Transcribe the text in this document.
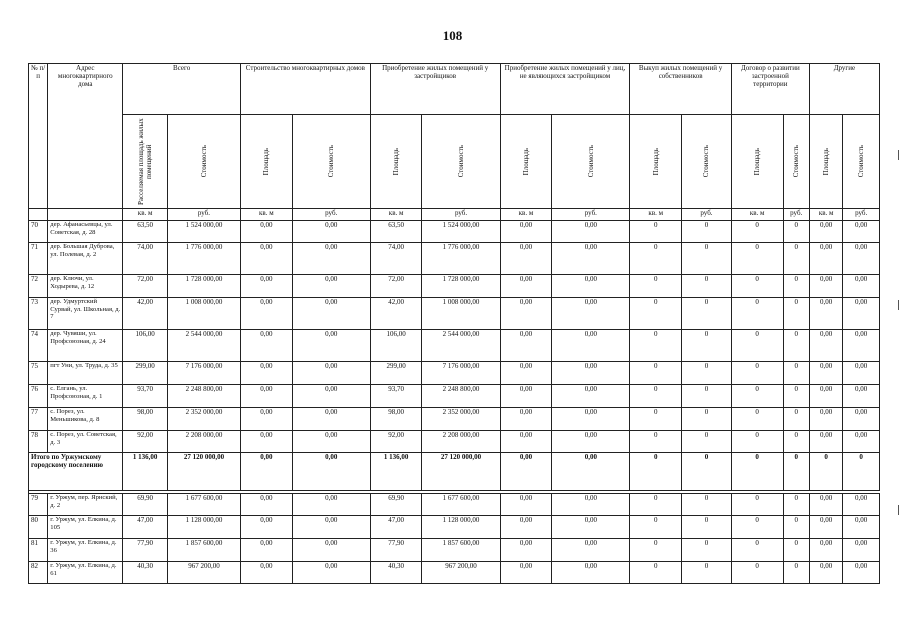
108
№ п/п	Адрес многоквартирного дома	Всего		Строительство многоквартирных домов		Приобретение жилых помещений у застройщиков		Приобретение жилых помещений у лиц, не являющихся застройщиком		Выкуп жилых помещений у собственников		Договор о развитии застроенной территории		Другие	

		Расселяемая площадь жилых помещений	Стоимость	Площадь	Стоимость	Площадь	Стоимость	Площадь	Стоимость	Площадь	Стоимость	Площадь	Стоимость	Площадь	Стоимость

		кв. м	руб.	кв. м	руб.	кв. м	руб.	кв. м	руб.	кв. м	руб.	кв. м	руб.	кв. м	руб.
70	дер. Афанасьевцы, ул. Советская, д. 28	63,50	1 524 000,00	0,00	0,00	63,50	1 524 000,00	0,00	0,00	0	0	0	0	0,00	0,00
71	дер. Большая Дуброва, ул. Полевая, д. 2	74,00	1 776 000,00	0,00	0,00	74,00	1 776 000,00	0,00	0,00	0	0	0	0	0,00	0,00
72	дер. Ключи, ул. Ходырева, д. 12	72,00	1 728 000,00	0,00	0,00	72,00	1 728 000,00	0,00	0,00	0	0	0	0	0,00	0,00
73	дер. Удмуртский Сурвай, ул. Школьная, д. 7	42,00	1 008 000,00	0,00	0,00	42,00	1 008 000,00	0,00	0,00	0	0	0	0	0,00	0,00
74	дер. Чувяши, ул. Профсоюзная, д. 24	106,00	2 544 000,00	0,00	0,00	106,00	2 544 000,00	0,00	0,00	0	0	0	0	0,00	0,00
75	пгт Уни, ул. Труда, д. 35	299,00	7 176 000,00	0,00	0,00	299,00	7 176 000,00	0,00	0,00	0	0	0	0	0,00	0,00
76	с. Елгань, ул. Профсоюзная, д. 1	93,70	2 248 800,00	0,00	0,00	93,70	2 248 800,00	0,00	0,00	0	0	0	0	0,00	0,00
77	с. Порез, ул. Меньшикова, д. 8	98,00	2 352 000,00	0,00	0,00	98,00	2 352 000,00	0,00	0,00	0	0	0	0	0,00	0,00
78	с. Порез, ул. Советская, д. 3	92,00	2 208 000,00	0,00	0,00	92,00	2 208 000,00	0,00	0,00	0	0	0	0	0,00	0,00
Итого по Уржумскому городскому поселению		1 136,00	27 120 000,00	0,00	0,00	1 136,00	27 120 000,00	0,00	0,00	0	0	0	0	0	0

79	г. Уржум, пер. Ярнский, д. 2	69,90	1 677 600,00	0,00	0,00	69,90	1 677 600,00	0,00	0,00	0	0	0	0	0,00	0,00
80	г. Уржум, ул. Елкина, д. 105	47,00	1 128 000,00	0,00	0,00	47,00	1 128 000,00	0,00	0,00	0	0	0	0	0,00	0,00
81	г. Уржум, ул. Елкина, д. 36	77,90	1 857 600,00	0,00	0,00	77,90	1 857 600,00	0,00	0,00	0	0	0	0	0,00	0,00
82	г. Уржум, ул. Елкина, д. 61	40,30	967 200,00	0,00	0,00	40,30	967 200,00	0,00	0,00	0	0	0	0	0,00	0,00
